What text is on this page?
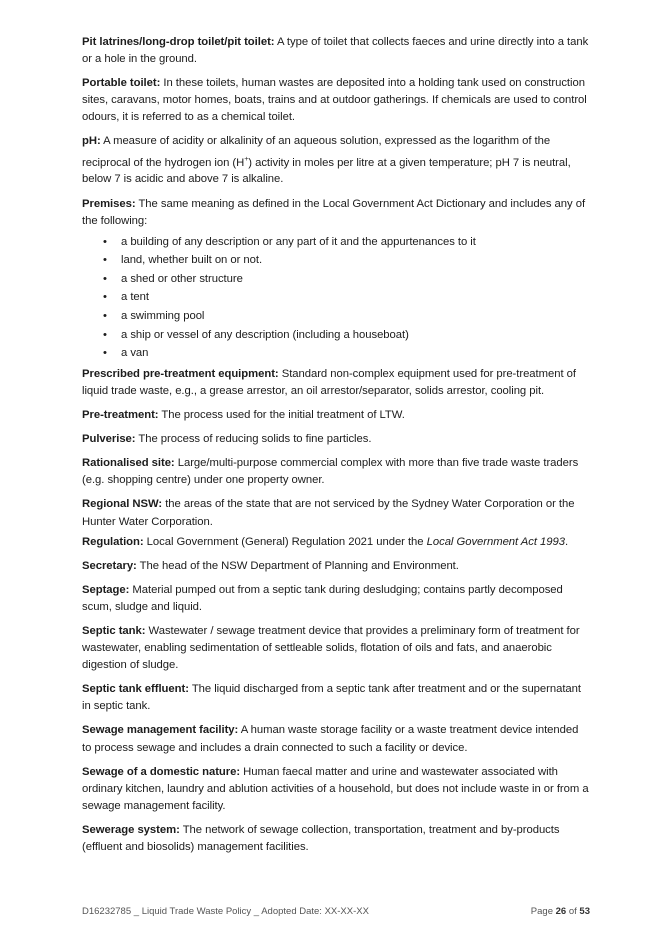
Pit latrines/long-drop toilet/pit toilet: A type of toilet that collects faeces and urine directly into a tank or a hole in the ground.

Portable toilet: In these toilets, human wastes are deposited into a holding tank used on construction sites, caravans, motor homes, boats, trains and at outdoor gatherings. If chemicals are used to control odours, it is referred to as a chemical toilet.

pH: A measure of acidity or alkalinity of an aqueous solution, expressed as the logarithm of the reciprocal of the hydrogen ion (H+) activity in moles per litre at a given temperature; pH 7 is neutral, below 7 is acidic and above 7 is alkaline.

Premises: The same meaning as defined in the Local Government Act Dictionary and includes any of the following:

• a building of any description or any part of it and the appurtenances to it
• land, whether built on or not.
• a shed or other structure
• a tent
• a swimming pool
• a ship or vessel of any description (including a houseboat)
• a van

Prescribed pre-treatment equipment: Standard non-complex equipment used for pre-treatment of liquid trade waste, e.g., a grease arrestor, an oil arrestor/separator, solids arrestor, cooling pit.

Pre-treatment: The process used for the initial treatment of LTW.

Pulverise: The process of reducing solids to fine particles.

Rationalised site: Large/multi-purpose commercial complex with more than five trade waste traders (e.g. shopping centre) under one property owner.

Regional NSW: the areas of the state that are not serviced by the Sydney Water Corporation or the Hunter Water Corporation.

Regulation: Local Government (General) Regulation 2021 under the Local Government Act 1993.

Secretary: The head of the NSW Department of Planning and Environment.

Septage: Material pumped out from a septic tank during desludging; contains partly decomposed scum, sludge and liquid.

Septic tank: Wastewater / sewage treatment device that provides a preliminary form of treatment for wastewater, enabling sedimentation of settleable solids, flotation of oils and fats, and anaerobic digestion of sludge.

Septic tank effluent: The liquid discharged from a septic tank after treatment and or the supernatant in septic tank.

Sewage management facility: A human waste storage facility or a waste treatment device intended to process sewage and includes a drain connected to such a facility or device.

Sewage of a domestic nature: Human faecal matter and urine and wastewater associated with ordinary kitchen, laundry and ablution activities of a household, but does not include waste in or from a sewage management facility.

Sewerage system: The network of sewage collection, transportation, treatment and by-products (effluent and biosolids) management facilities.

D16232785 _ Liquid Trade Waste Policy _ Adopted Date: XX-XX-XX	Page 26 of 53
